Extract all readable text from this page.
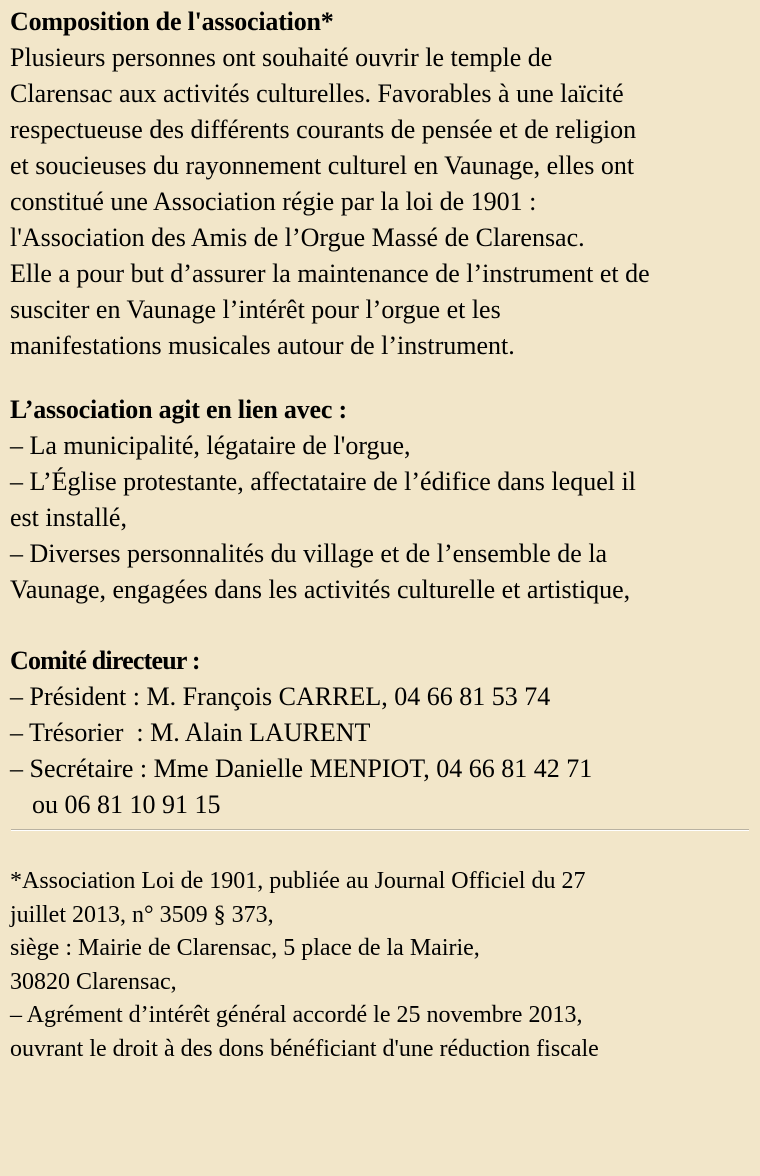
Composition de l'association*

Plusieurs personnes ont souhaité ouvrir le temple de
Clarensac aux activités culturelles. Favorables à une laïcité
respectueuse des différents courants de pensée et de religion
et soucieuses du rayonnement culturel en Vaunage, elles ont
constitué une Association régie par la loi de 1901 :
l'Association des Amis de l’Orgue Massé de Clarensac.
Elle a pour but d’assurer la maintenance de l’instrument et de
susciter en Vaunage l’intérêt pour l’orgue et les
manifestations musicales autour de l’instrument.

L’association agit en lien avec :

– La municipalité, légataire de l'orgue,
– L’Église protestante, affectataire de l’édifice dans lequel il
est installé,
– Diverses personnalités du village et de l’ensemble de la
Vaunage, engagées dans les activités culturelle et artistique,

Comité directeur :

– Président : M. François CARREL, 04 66 81 53 74
– Trésorier  : M. Alain LAURENT
– Secrétaire : Mme Danielle MENPIOT, 04 66 81 42 71
ou 06 81 10 91 15

*Association Loi de 1901, publiée au Journal Officiel du 27
juillet 2013, n° 3509 § 373,
siège : Mairie de Clarensac, 5 place de la Mairie,
30820 Clarensac,
– Agrément d’intérêt général accordé le 25 novembre 2013,
ouvrant le droit à des dons bénéficiant d'une réduction fiscale
